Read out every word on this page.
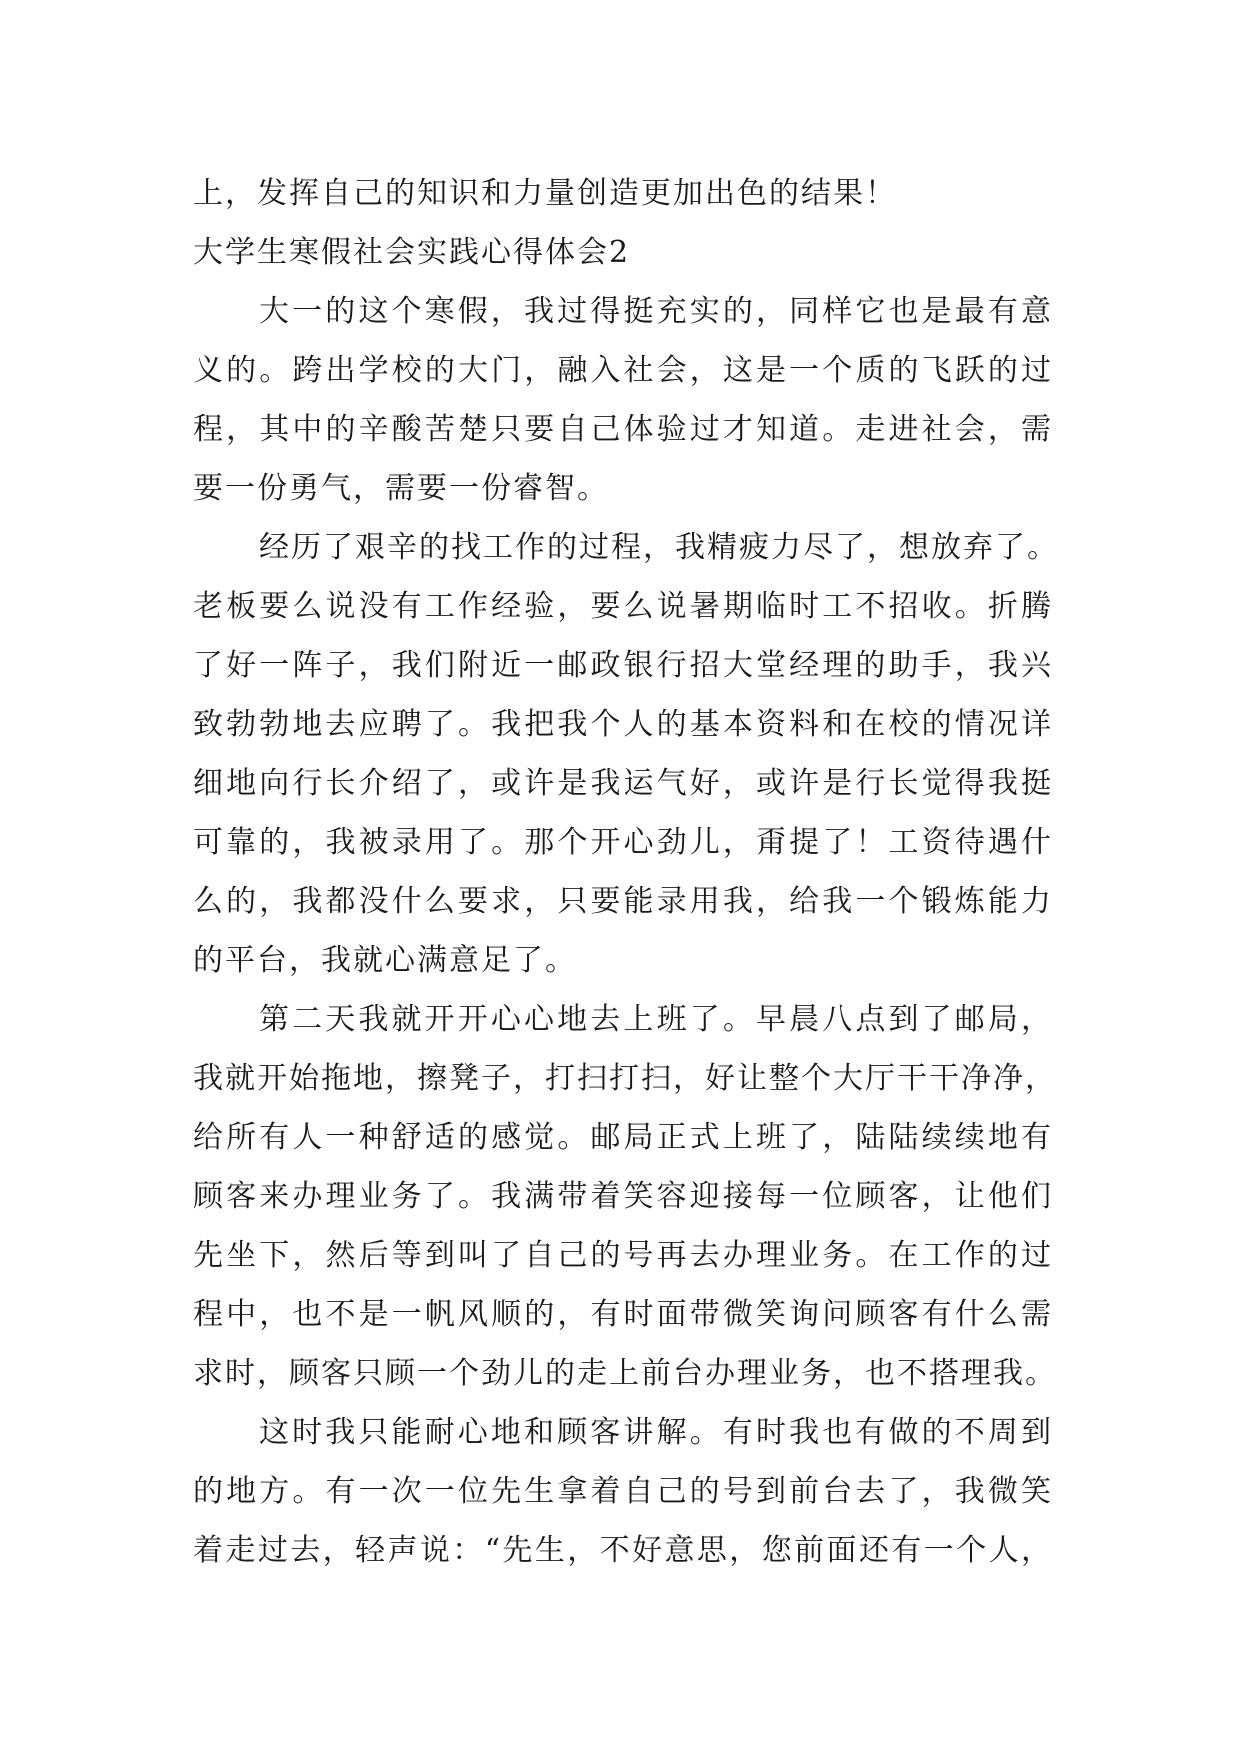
上，发挥自己的知识和力量创造更加出色的结果！
大学生寒假社会实践心得体会2
大一的这个寒假，我过得挺充实的，同样它也是最有意
义的。跨出学校的大门，融入社会，这是一个质的飞跃的过
程，其中的辛酸苦楚只要自己体验过才知道。走进社会，需
要一份勇气，需要一份睿智。
经历了艰辛的找工作的过程，我精疲力尽了，想放弃了。
老板要么说没有工作经验，要么说暑期临时工不招收。折腾
了好一阵子，我们附近一邮政银行招大堂经理的助手，我兴
致勃勃地去应聘了。我把我个人的基本资料和在校的情况详
细地向行长介绍了，或许是我运气好，或许是行长觉得我挺
可靠的，我被录用了。那个开心劲儿，甭提了！工资待遇什
么的，我都没什么要求，只要能录用我，给我一个锻炼能力
的平台，我就心满意足了。
第二天我就开开心心地去上班了。早晨八点到了邮局，
我就开始拖地，擦凳子，打扫打扫，好让整个大厅干干净净，
给所有人一种舒适的感觉。邮局正式上班了，陆陆续续地有
顾客来办理业务了。我满带着笑容迎接每一位顾客，让他们
先坐下，然后等到叫了自己的号再去办理业务。在工作的过
程中，也不是一帆风顺的，有时面带微笑询问顾客有什么需
求时，顾客只顾一个劲儿的走上前台办理业务，也不搭理我。
这时我只能耐心地和顾客讲解。有时我也有做的不周到
的地方。有一次一位先生拿着自己的号到前台去了，我微笑
着走过去，轻声说：“先生，不好意思，您前面还有一个人，
